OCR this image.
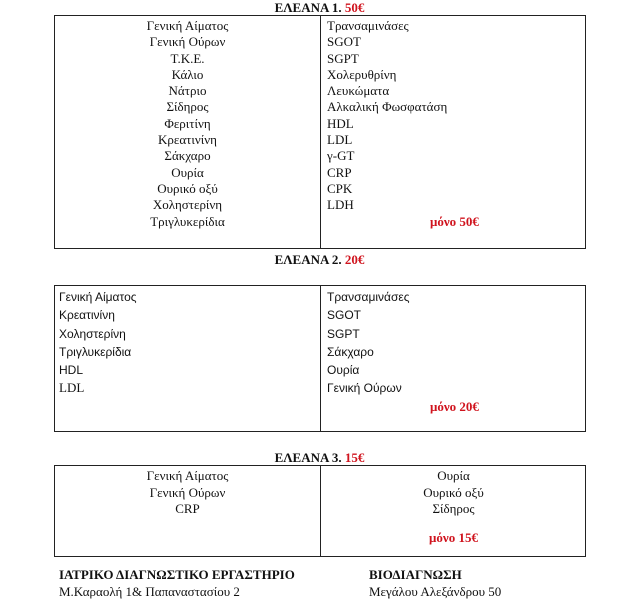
ΕΛΕΑΝΑ 1. 50€
Γενική Αίματος
Γενική Ούρων
Τ.Κ.Ε.
Κάλιο
Νάτριο
Σίδηρος
Φεριτίνη
Κρεατινίνη
Σάκχαρο
Ουρία
Ουρικό οξύ
Χοληστερίνη
Τριγλυκερίδια
Τρανσαμινάσες
SGOT
SGPT
Χολερυθρίνη
Λευκώματα
Αλκαλική Φωσφατάση
HDL
LDL
γ-GT
CRP
CPK
LDH
μόνο 50€
ΕΛΕΑΝΑ 2. 20€
Γενική Αίματος
Κρεατινίνη
Χοληστερίνη
Τριγλυκερίδια
HDL
LDL
Τρανσαμινάσες
SGOT
SGPT
Σάκχαρο
Ουρία
Γενική Ούρων
μόνο 20€
ΕΛΕΑΝΑ 3. 15€
Γενική Αίματος
Γενική Ούρων
CRP
Ουρία
Ουρικό οξύ
Σίδηρος
μόνο 15€
ΙΑΤΡΙΚΟ ΔΙΑΓΝΩΣΤΙΚΟ ΕΡΓΑΣΤΗΡΙΟ
Μ.Καραολή 1& Παπαναστασίου 2
ΒΙΟΔΙΑΓΝΩΣΗ
Μεγάλου Αλεξάνδρου 50
